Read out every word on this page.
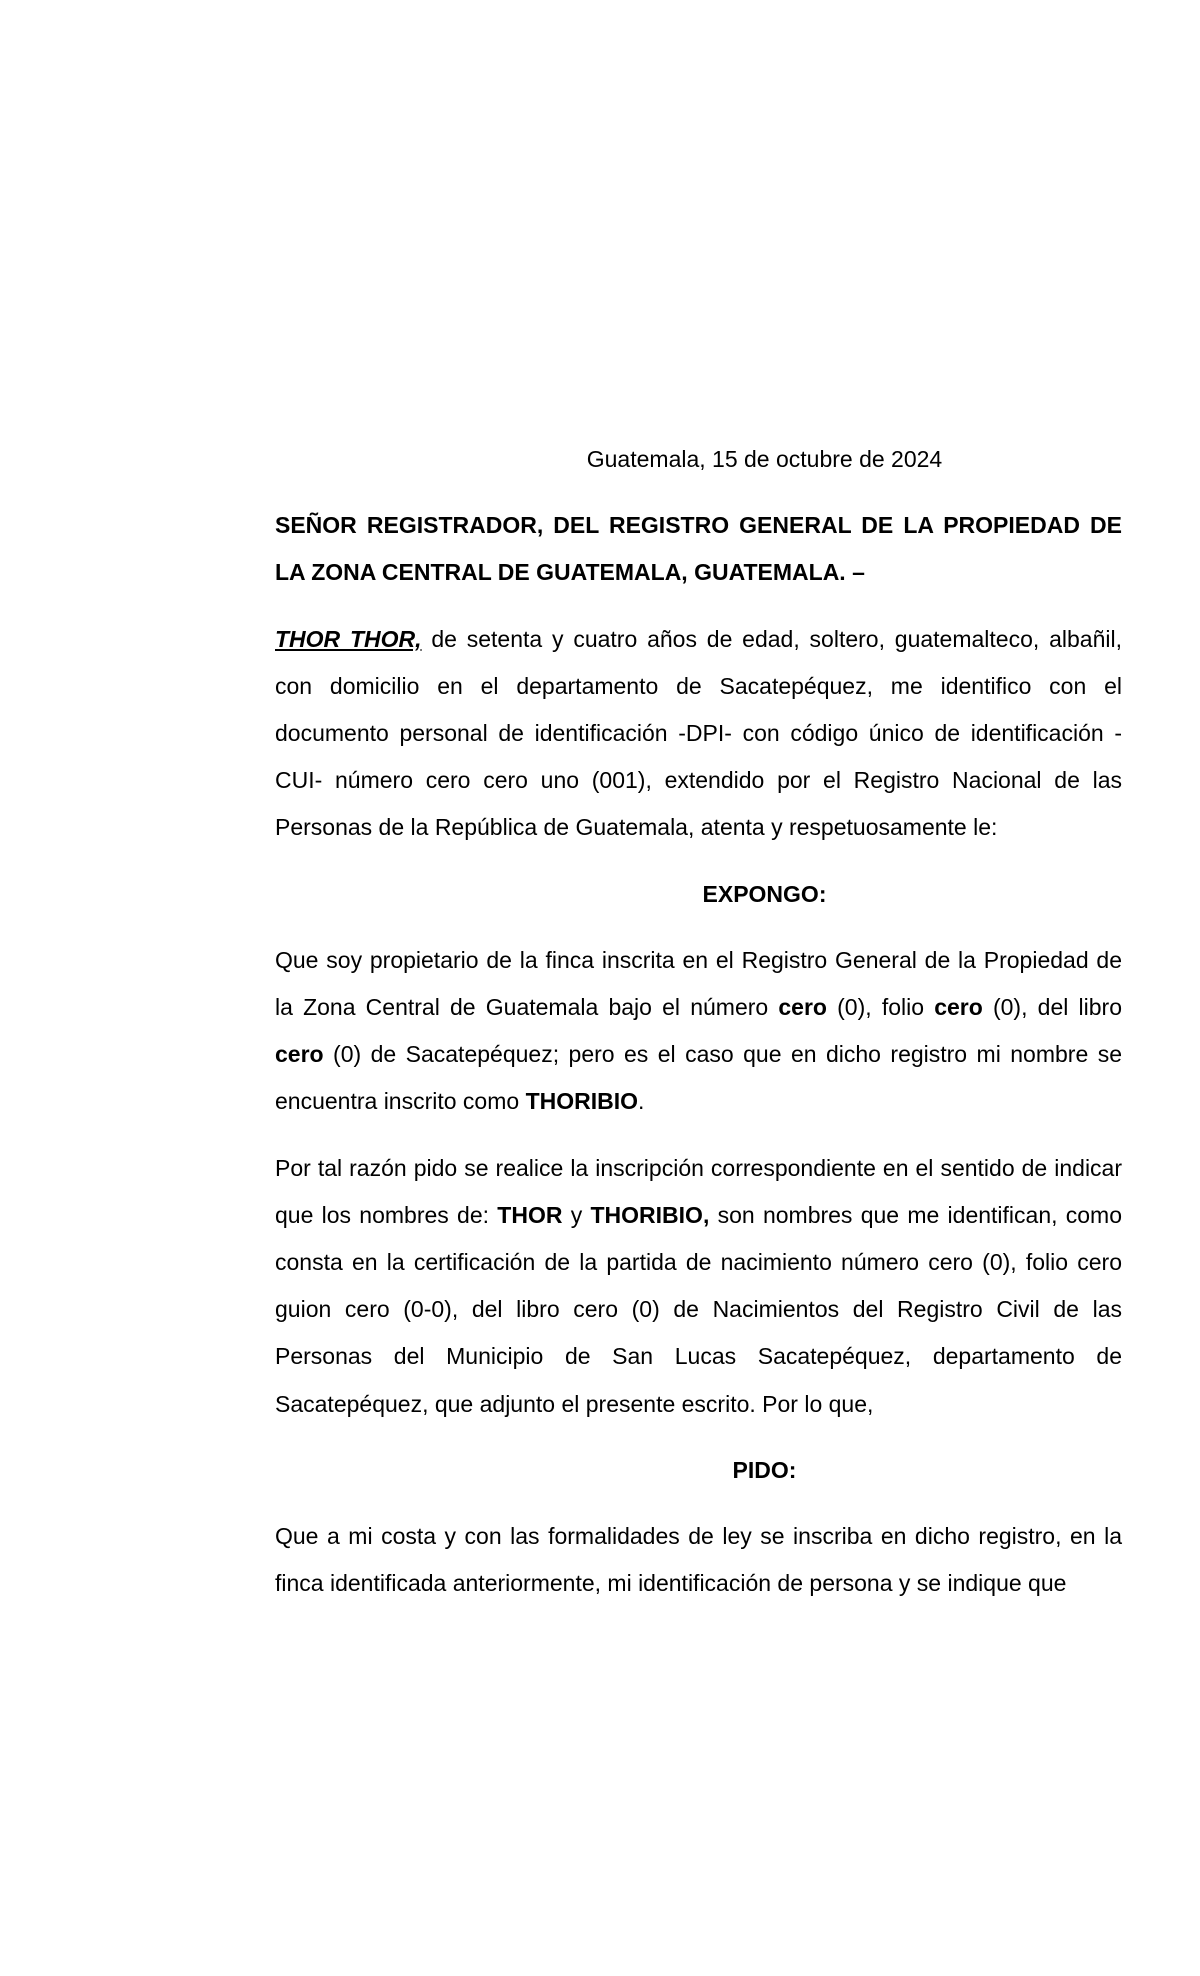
Guatemala, 15 de octubre de 2024

SEÑOR REGISTRADOR, DEL REGISTRO GENERAL DE LA PROPIEDAD DE LA ZONA CENTRAL DE GUATEMALA, GUATEMALA. –

THOR THOR, de setenta y cuatro años de edad, soltero, guatemalteco, albañil, con domicilio en el departamento de Sacatepéquez, me identifico con el documento personal de identificación -DPI- con código único de identificación -CUI- número cero cero uno (001), extendido por el Registro Nacional de las Personas de la República de Guatemala, atenta y respetuosamente le:

EXPONGO:

Que soy propietario de la finca inscrita en el Registro General de la Propiedad de la Zona Central de Guatemala bajo el número cero (0), folio cero (0), del libro cero (0) de Sacatepéquez; pero es el caso que en dicho registro mi nombre se encuentra inscrito como THORIBIO.

Por tal razón pido se realice la inscripción correspondiente en el sentido de indicar que los nombres de: THOR y THORIBIO, son nombres que me identifican, como consta en la certificación de la partida de nacimiento número cero (0), folio cero guion cero (0-0), del libro cero (0) de Nacimientos del Registro Civil de las Personas del Municipio de San Lucas Sacatepéquez, departamento de Sacatepéquez, que adjunto el presente escrito. Por lo que,

PIDO:

Que a mi costa y con las formalidades de ley se inscriba en dicho registro, en la finca identificada anteriormente, mi identificación de persona y se indique que
